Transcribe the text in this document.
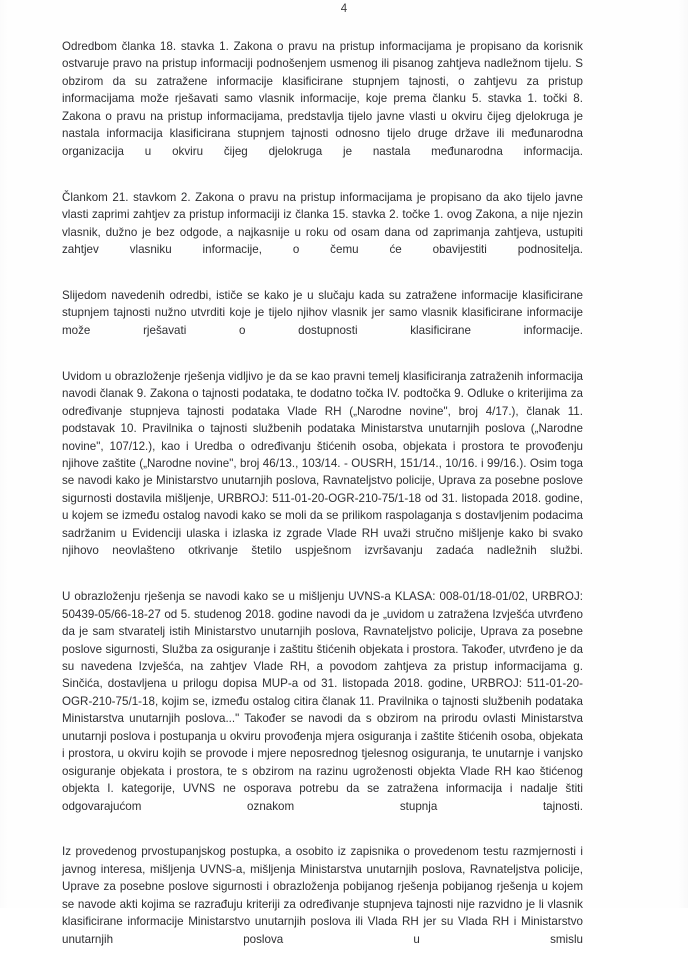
4

Odredbom članka 18. stavka 1. Zakona o pravu na pristup informacijama je propisano da korisnik ostvaruje pravo na pristup informaciji podnošenjem usmenog ili pisanog zahtjeva nadležnom tijelu. S obzirom da su zatražene informacije klasificirane stupnjem tajnosti, o zahtjevu za pristup informacijama može rješavati samo vlasnik informacije, koje prema članku 5. stavka 1. točki 8. Zakona o pravu na pristup informacijama, predstavlja tijelo javne vlasti u okviru čijeg djelokruga je nastala informacija klasificirana stupnjem tajnosti odnosno tijelo druge države ili međunarodna organizacija u okviru čijeg djelokruga je nastala međunarodna informacija.

Člankom 21. stavkom 2. Zakona o pravu na pristup informacijama je propisano da ako tijelo javne vlasti zaprimi zahtjev za pristup informaciji iz članka 15. stavka 2. točke 1. ovog Zakona, a nije njezin vlasnik, dužno je bez odgode, a najkasnije u roku od osam dana od zaprimanja zahtjeva, ustupiti zahtjev vlasniku informacije, o čemu će obavijestiti podnositelja.

Slijedom navedenih odredbi, ističe se kako je u slučaju kada su zatražene informacije klasificirane stupnjem tajnosti nužno utvrditi koje je tijelo njihov vlasnik jer samo vlasnik klasificirane informacije može rješavati o dostupnosti klasificirane informacije.

Uvidom u obrazloženje rješenja vidljivo je da se kao pravni temelj klasificiranja zatraženih informacija navodi članak 9. Zakona o tajnosti podataka, te dodatno točka IV. podtočka 9. Odluke o kriterijima za određivanje stupnjeva tajnosti podataka Vlade RH („Narodne novine", broj 4/17.), članak 11. podstavak 10. Pravilnika o tajnosti službenih podataka Ministarstva unutarnjih poslova („Narodne novine", 107/12.), kao i Uredba o određivanju štićenih osoba, objekata i prostora te provođenju njihove zaštite („Narodne novine", broj 46/13., 103/14. - OUSRH, 151/14., 10/16. i 99/16.). Osim toga se navodi kako je Ministarstvo unutarnjih poslova, Ravnateljstvo policije, Uprava za posebne poslove sigurnosti dostavila mišljenje, URBROJ: 511-01-20-OGR-210-75/1-18 od 31. listopada 2018. godine, u kojem se između ostalog navodi kako se moli da se prilikom raspolaganja s dostavljenim podacima sadržanim u Evidenciji ulaska i izlaska iz zgrade Vlade RH uvaži stručno mišljenje kako bi svako njihovo neovlašteno otkrivanje štetilo uspješnom izvršavanju zadaća nadležnih službi.

U obrazloženju rješenja se navodi kako se u mišljenju UVNS-a KLASA: 008-01/18-01/02, URBROJ: 50439-05/66-18-27 od 5. studenog 2018. godine navodi da je „uvidom u zatražena Izvješća utvrđeno da je sam stvaratelj istih Ministarstvo unutarnjih poslova, Ravnateljstvo policije, Uprava za posebne poslove sigurnosti, Služba za osiguranje i zaštitu štićenih objekata i prostora. Također, utvrđeno je da su navedena Izvješća, na zahtjev Vlade RH, a povodom zahtjeva za pristup informacijama g. Sinčića, dostavljena u prilogu dopisa MUP-a od 31. listopada 2018. godine, URBROJ: 511-01-20-OGR-210-75/1-18, kojim se, između ostalog citira članak 11. Pravilnika o tajnosti službenih podataka Ministarstva unutarnjih poslova..." Također se navodi da s obzirom na prirodu ovlasti Ministarstva unutarnji poslova i postupanja u okviru provođenja mjera osiguranja i zaštite štićenih osoba, objekata i prostora, u okviru kojih se provode i mjere neposrednog tjelesnog osiguranja, te unutarnje i vanjsko osiguranje objekata i prostora, te s obzirom na razinu ugroženosti objekta Vlade RH kao štićenog objekta I. kategorije, UVNS ne osporava potrebu da se zatražena informacija i nadalje štiti odgovarajućom oznakom stupnja tajnosti.

Iz provedenog prvostupanjskog postupka, a osobito iz zapisnika o provedenom testu razmjernosti i javnog interesa, mišljenja UVNS-a, mišljenja Ministarstva unutarnjih poslova, Ravnateljstva policije, Uprave za posebne poslove sigurnosti i obrazloženja pobijanog rješenja pobijanog rješenja u kojem se navode akti kojima se razrađuju kriteriji za određivanje stupnjeva tajnosti nije razvidno je li vlasnik klasificirane informacije Ministarstvo unutarnjih poslova ili Vlada RH jer su Vlada RH i Ministarstvo unutarnjih poslova u smislu
